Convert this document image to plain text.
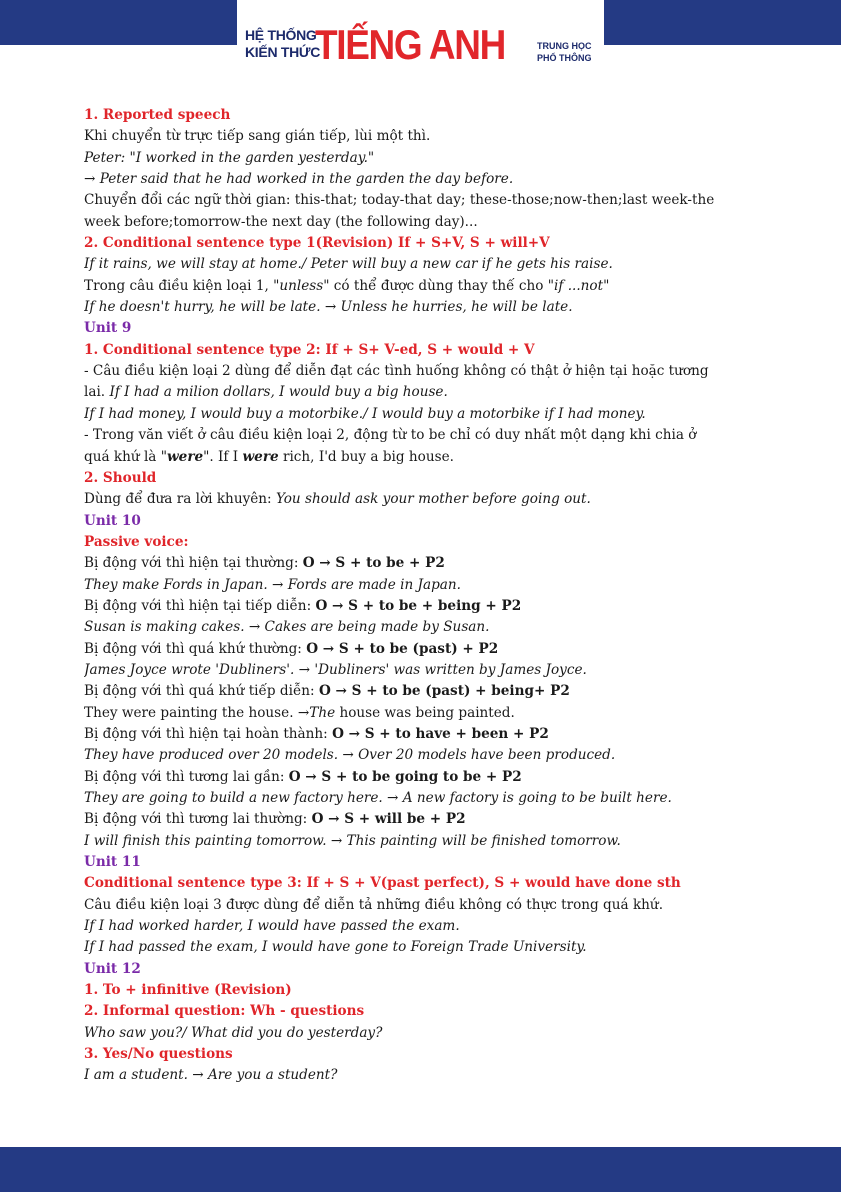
HỆ THỐNG
KIẾN THỨC
TIẾNG ANH	TRUNG HỌC
PHỔ THÔNG
1. Reported speech
Khi chuyển từ trực tiếp sang gián tiếp, lùi một thì.
Peter: "I worked in the garden yesterday."
→ Peter said that he had worked in the garden the day before.
Chuyển đổi các ngữ thời gian: this-that; today-that day; these-those;now-then;last week-the
week before;tomorrow-the next day (the following day)...
2. Conditional sentence type 1(Revision) If + S+V, S + will+V
If it rains, we will stay at home./ Peter will buy a new car if he gets his raise.
Trong câu điều kiện loại 1, "unless" có thể được dùng thay thế cho "if ...not"
If he doesn't hurry, he will be late. → Unless he hurries, he will be late.
Unit 9
1. Conditional sentence type 2: If + S+ V-ed, S + would + V
- Câu điều kiện loại 2 dùng để diễn đạt các tình huống không có thật ở hiện tại hoặc tương
lai. If I had a milion dollars, I would buy a big house.
If I had money, I would buy a motorbike./ I would buy a motorbike if I had money.
- Trong văn viết ở câu điều kiện loại 2, động từ to be chỉ có duy nhất một dạng khi chia ở
quá khứ là "were". If I were rich, I'd buy a big house.
2. Should
Dùng để đưa ra lời khuyên: You should ask your mother before going out.
Unit 10
Passive voice:
Bị động với thì hiện tại thường: O → S + to be + P2
They make Fords in Japan. → Fords are made in Japan.
Bị động với thì hiện tại tiếp diễn: O → S + to be + being + P2
Susan is making cakes. → Cakes are being made by Susan.
Bị động với thì quá khứ thường: O → S + to be (past) + P2
James Joyce wrote 'Dubliners'. → 'Dubliners' was written by James Joyce.
Bị động với thì quá khứ tiếp diễn: O → S + to be (past) + being+ P2
They were painting the house. →The house was being painted.
Bị động với thì hiện tại hoàn thành: O → S + to have + been + P2
They have produced over 20 models. → Over 20 models have been produced.
Bị động với thì tương lai gần: O → S + to be going to be + P2
They are going to build a new factory here. → A new factory is going to be built here.
Bị động với thì tương lai thường: O → S + will be + P2
I will finish this painting tomorrow. → This painting will be finished tomorrow.
Unit 11
Conditional sentence type 3: If + S + V(past perfect), S + would have done sth
Câu điều kiện loại 3 được dùng để diễn tả những điều không có thực trong quá khứ.
If I had worked harder, I would have passed the exam.
If I had passed the exam, I would have gone to Foreign Trade University.
Unit 12
1. To + infinitive (Revision)
2. Informal question: Wh - questions
Who saw you?/ What did you do yesterday?
3. Yes/No questions
I am a student. → Are you a student?
